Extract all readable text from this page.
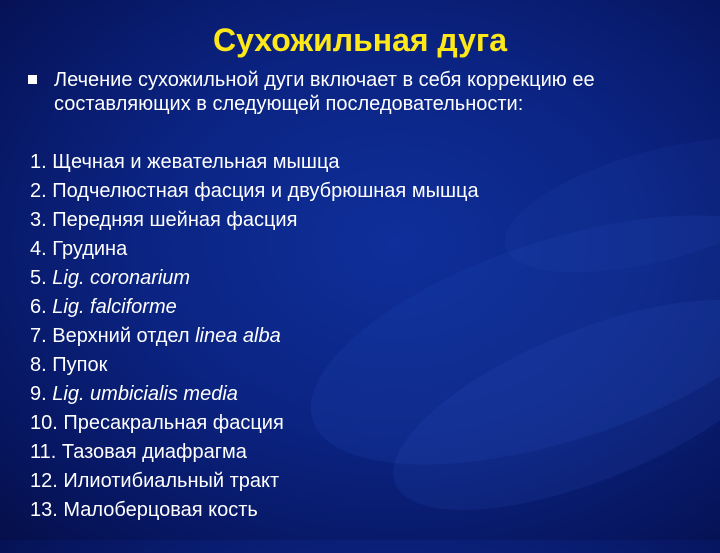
Сухожильная дуга
Лечение сухожильной дуги включает в себя коррекцию ее составляющих в следующей последовательности:
1. Щечная и жевательная мышца
2. Подчелюстная фасция и двубрюшная мышца
3. Передняя шейная фасция
4. Грудина
5. Lig. coronarium
6. Lig. falciforme
7. Верхний отдел linea alba
8. Пупок
9. Lig. umbicialis media
10. Пресакральная фасция
11. Тазовая диафрагма
12. Илиотибиальный тракт
13. Малоберцовая кость
